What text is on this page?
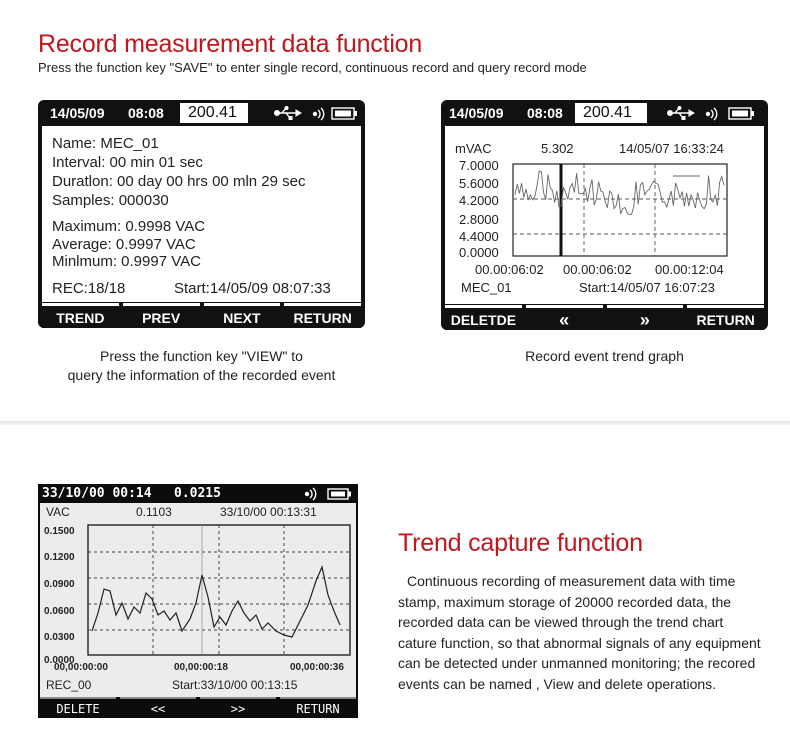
Record measurement data function
Press the function key "SAVE" to enter single record, continuous record and query record mode
14/05/09 08:08	200.41
Name: MEC_01
Interval: 00 min 01 sec
Duratlon: 00 day 00 hrs 00 mln 29 sec
Samples: 000030
Maximum: 0.9998 VAC
Average: 0.9997 VAC
Minlmum: 0.9997 VAC
REC:18/18	Start:14/05/09 08:07:33
TREND	PREV	NEXT	RETURN
Press the function key "VIEW" to
query the information of the recorded event
14/05/09 08:08	200.41
mVAC	5.302	14/05/07 16:33:24
7.0000
5.6000
4.2000
2.8000
4.4000
0.0000
00.00:06:02 00.00:06:02 00.00:12:04
MEC_01	Start:14/05/07 16:07:23
DELETDE	«	»	RETURN
Record event trend graph
33/10/00 00:14 0.0215
VAC	0.1103	33/10/00 00:13:31
0.1500
0.1200
0.0900
0.0600
0.0300
0.0000
00,00:00:00	00,00:00:18	00,00:00:36
REC_00	Start:33/10/00 00:13:15
DELETE	<<	>>	RETURN
Trend capture function
Continuous recording of measurement data with time
stamp, maximum storage of 20000 recorded data, the
recorded data can be viewed through the trend chart
cature function, so that abnormal signals of any equipment
can be detected under unmanned monitoring; the recored
events can be named , View and delete operations.
